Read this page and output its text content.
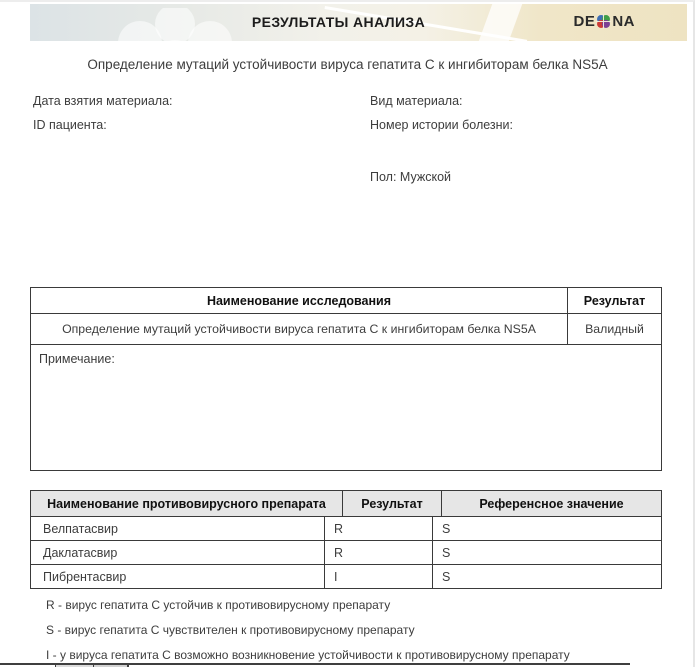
РЕЗУЛЬТАТЫ АНАЛИЗА	DE NA
Определение мутаций устойчивости вируса гепатита C к ингибиторам белка NS5A
Дата взятия материала:
ID пациента:
Вид материала:
Номер истории болезни:
Пол: Мужской
Наименование исследования	Результат
Определение мутаций устойчивости вируса гепатита C к ингибиторам белка NS5A	Валидный
Примечание:
Наименование противовирусного препарата	Результат	Референсное значение
Велпатасвир	R	S
Даклатасвир	R	S
Пибрентасвир	I	S
R - вирус гепатита C устойчив к противовирусному препарату
S - вирус гепатита C чувствителен к противовирусному препарату
I - у вируса гепатита C возможно возникновение устойчивости к противовирусному препарату
